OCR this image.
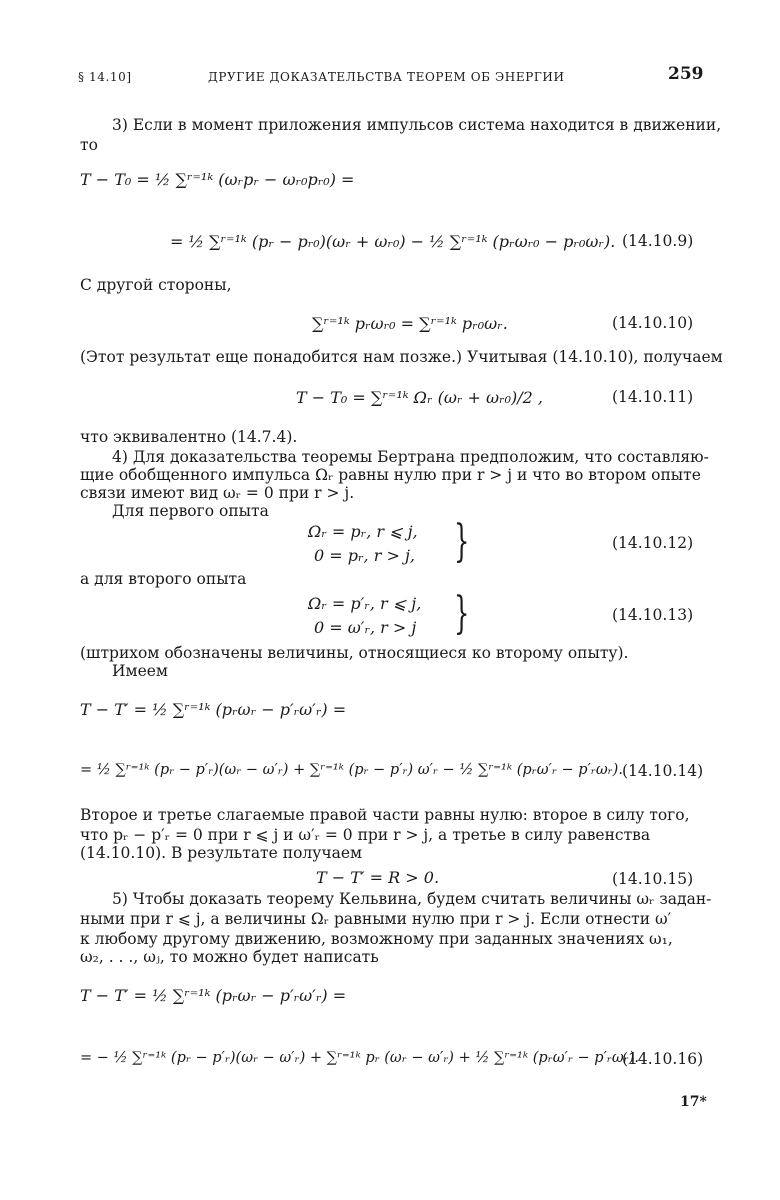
§ 14.10]	ДРУГИЕ ДОКАЗАТЕЛЬСТВА ТЕОРЕМ ОБ ЭНЕРГИИ	259
3) Если в момент приложения импульсов система находится в движении,
то
T − T₀ = ½ ∑ʳ⁼¹ᵏ (ωᵣpᵣ − ωᵣ₀pᵣ₀) =
= ½ ∑ʳ⁼¹ᵏ (pᵣ − pᵣ₀)(ωᵣ + ωᵣ₀) − ½ ∑ʳ⁼¹ᵏ (pᵣωᵣ₀ − pᵣ₀ωᵣ). (14.10.9)
С другой стороны,
∑ʳ⁼¹ᵏ pᵣωᵣ₀ = ∑ʳ⁼¹ᵏ pᵣ₀ωᵣ.	(14.10.10)
(Этот результат еще понадобится нам позже.) Учитывая (14.10.10), получаем
T − T₀ = ∑ʳ⁼¹ᵏ Ωᵣ (ωᵣ + ωᵣ₀)/2 ,	(14.10.11)
что эквивалентно (14.7.4).
4) Для доказательства теоремы Бертрана предположим, что составляю-
щие обобщенного импульса Ωᵣ равны нулю при r > j и что во втором опыте
связи имеют вид ωᵣ = 0 при r > j.
Для первого опыта
Ωᵣ = pᵣ, r ⩽ j,
0 = pᵣ, r > j, }	(14.10.12)
а для второго опыта
Ωᵣ = p′ᵣ, r ⩽ j,
0 = ω′ᵣ, r > j }	(14.10.13)
(штрихом обозначены величины, относящиеся ко второму опыту).
Имеем
T − T′ = ½ ∑ʳ⁼¹ᵏ (pᵣωᵣ − p′ᵣω′ᵣ) =
= ½ ∑ʳ⁼¹ᵏ (pᵣ − p′ᵣ)(ωᵣ − ω′ᵣ) + ∑ʳ⁼¹ᵏ (pᵣ − p′ᵣ) ω′ᵣ − ½ ∑ʳ⁼¹ᵏ (pᵣω′ᵣ − p′ᵣωᵣ). (14.10.14)
Второе и третье слагаемые правой части равны нулю: второе в силу того,
что pᵣ − p′ᵣ = 0 при r ⩽ j и ω′ᵣ = 0 при r > j, а третье в силу равенства
(14.10.10). В результате получаем
T − T′ = R > 0.	(14.10.15)
5) Чтобы доказать теорему Кельвина, будем считать величины ωᵣ задан-
ными при r ⩽ j, а величины Ωᵣ равными нулю при r > j. Если отнести ω′
к любому другому движению, возможному при заданных значениях ω₁,
ω₂, . . ., ωⱼ, то можно будет написать
T − T′ = ½ ∑ʳ⁼¹ᵏ (pᵣωᵣ − p′ᵣω′ᵣ) =
= − ½ ∑ʳ⁼¹ᵏ (pᵣ − p′ᵣ)(ωᵣ − ω′ᵣ) + ∑ʳ⁼¹ᵏ pᵣ (ωᵣ − ω′ᵣ) + ½ ∑ʳ⁼¹ᵏ (pᵣω′ᵣ − p′ᵣωᵣ).
(14.10.16)
17*
